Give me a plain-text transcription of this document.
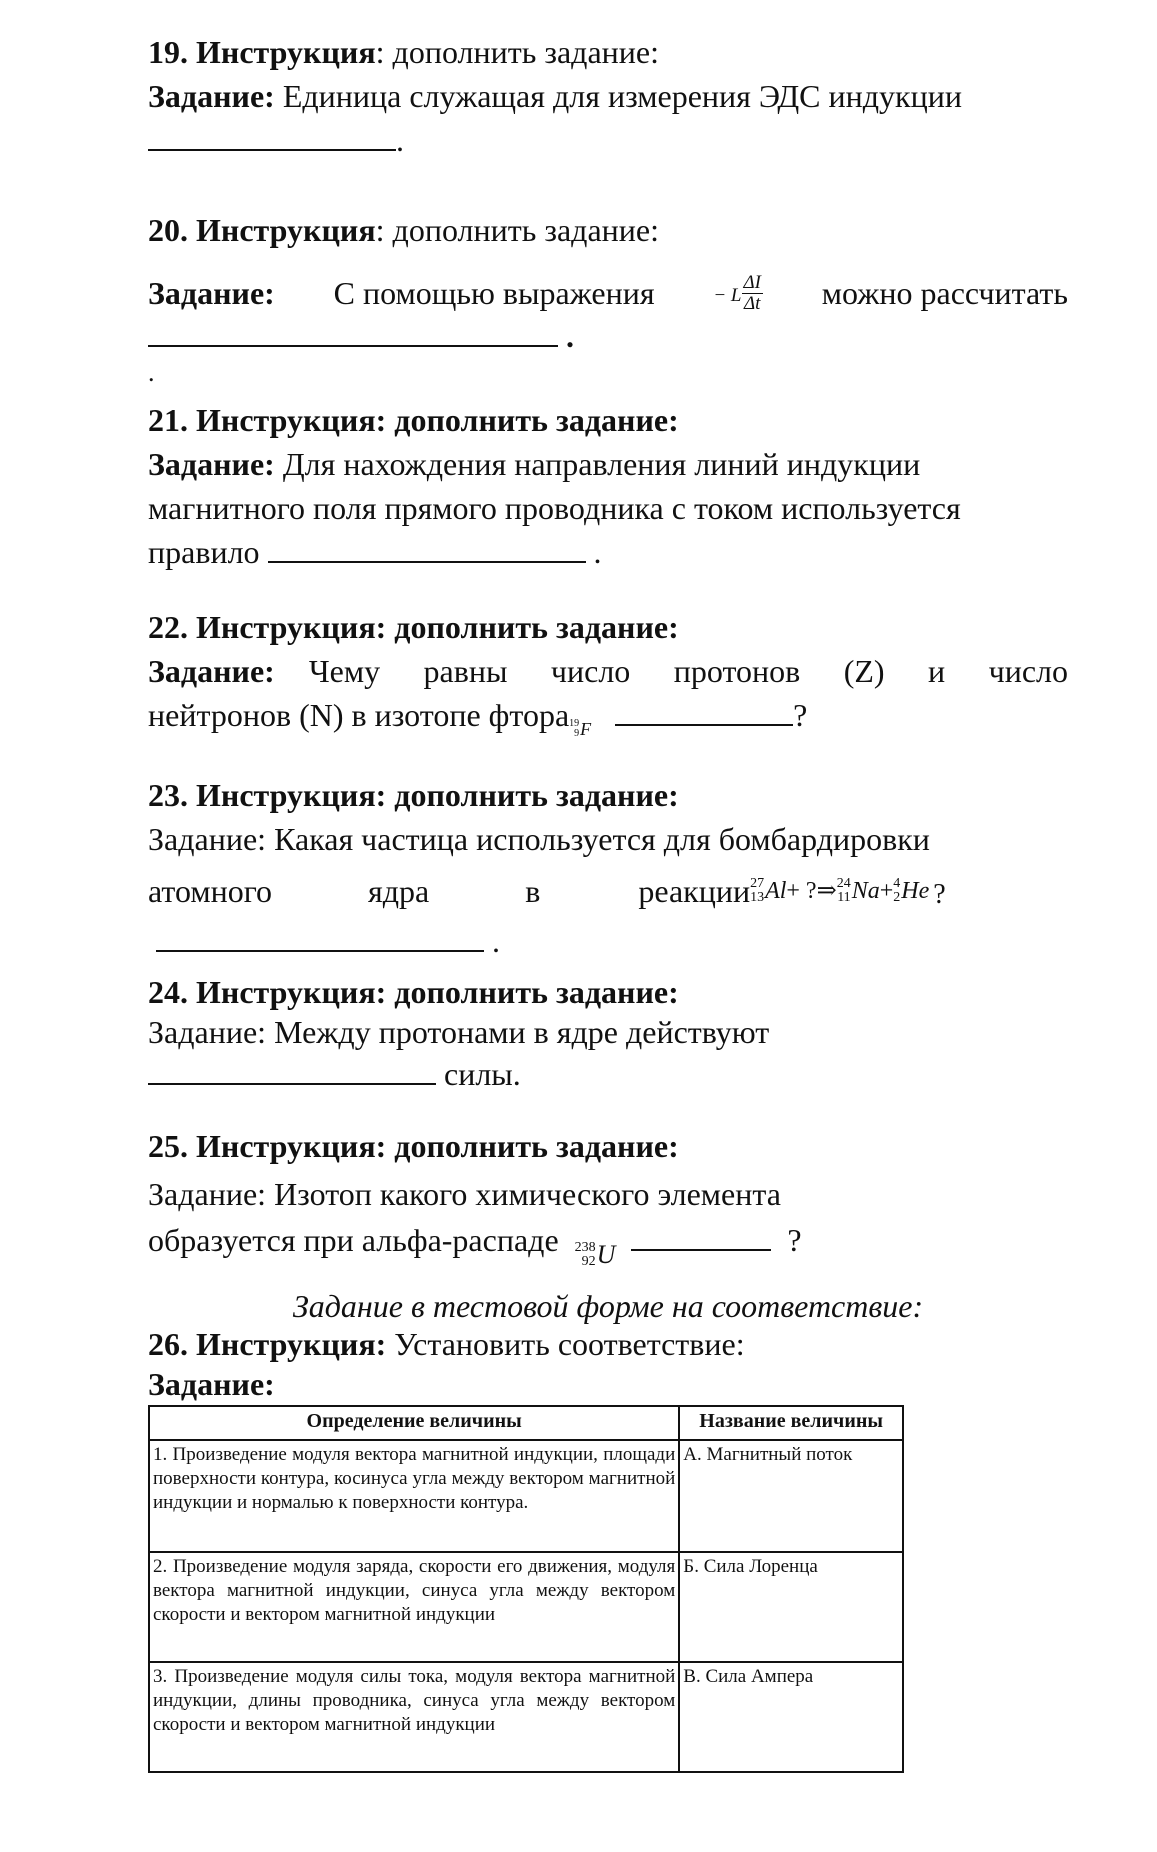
19. Инструкция: дополнить задание:

Задание: Единица служащая для измерения ЭДС индукции

.

20. Инструкция: дополнить задание:

Задание: С помощью выражения	− L $\frac{\Delta I}{\Delta t}$ можно рассчитать

.

.

21. Инструкция: дополнить задание:

Задание: Для нахождения направления линий индукции

магнитного поля прямого проводника с током используется

правило	.

22. Инструкция: дополнить задание:

Задание: Чему равны число протонов (Z) и число

нейтронов (N) в изотопе фтора 19
9 F	?

23. Инструкция: дополнить задание:

Задание: Какая частица используется для бомбардировки

атомного	ядра	в	реакции 27
13 Al + ?⇒ 24
11 Na + 4
2 He ?

.

24. Инструкция: дополнить задание:

Задание: Между протонами в ядре действуют

силы.

25. Инструкция: дополнить задание:

Задание: Изотоп какого химического элемента

образуется при альфа-распаде 238
92 U	?

Задание в тестовой форме на соответствие:

26. Инструкция: Установить соответствие:

Задание:

Определение величины	Название величины
1. Произведение модуля вектора магнитной индукции, площади поверхности контура, косинуса угла между вектором магнитной индукции и нормалью к поверхности контура.	А. Магнитный поток
2. Произведение модуля заряда, скорости его движения, модуля вектора магнитной индукции, синуса угла между вектором скорости и вектором магнитной индукции	Б. Сила Лоренца
3. Произведение модуля силы тока, модуля вектора магнитной индукции, длины проводника, синуса угла между вектором скорости и вектором магнитной индукции	В. Сила Ампера
